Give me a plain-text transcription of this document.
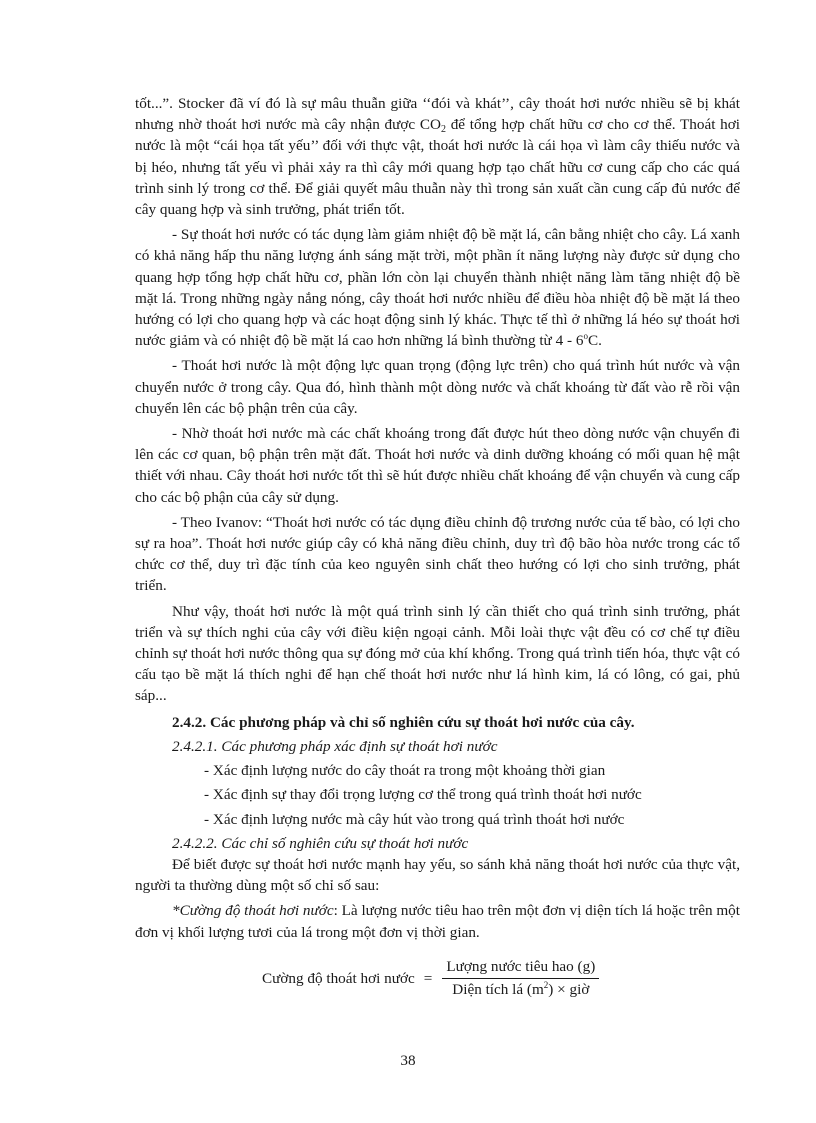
tốt...”. Stocker đã ví đó là sự mâu thuẫn giữa ‘‘đói và khát’’, cây thoát hơi nước nhiều sẽ bị khát nhưng nhờ thoát hơi nước mà cây nhận được $CO_2$ để tổng hợp chất hữu cơ cho cơ thể. Thoát hơi nước là một “cái họa tất yếu’’ đối với thực vật, thoát hơi nước là cái họa vì làm cây thiếu nước và bị héo, nhưng tất yếu vì phải xảy ra thì cây mới quang hợp tạo chất hữu cơ cung cấp cho các quá trình sinh lý trong cơ thể. Để giải quyết mâu thuẫn này thì trong sản xuất cần cung cấp đủ nước để cây quang hợp và sinh trưởng, phát triển tốt.

- Sự thoát hơi nước có tác dụng làm giảm nhiệt độ bề mặt lá, cân bằng nhiệt cho cây. Lá xanh có khả năng hấp thu năng lượng ánh sáng mặt trời, một phần ít năng lượng này được sử dụng cho quang hợp tổng hợp chất hữu cơ, phần lớn còn lại chuyển thành nhiệt năng làm tăng nhiệt độ bề mặt lá. Trong những ngày nắng nóng, cây thoát hơi nước nhiều để điều hòa nhiệt độ bề mặt lá theo hướng có lợi cho quang hợp và các hoạt động sinh lý khác. Thực tế thì ở những lá héo sự thoát hơi nước giảm và có nhiệt độ bề mặt lá cao hơn những lá bình thường từ 4 - 6$^o$C.

- Thoát hơi nước là một động lực quan trọng (động lực trên) cho quá trình hút nước và vận chuyển nước ở trong cây. Qua đó, hình thành một dòng nước và chất khoáng từ đất vào rễ rồi vận chuyển lên các bộ phận trên của cây.

- Nhờ thoát hơi nước mà các chất khoáng trong đất được hút theo dòng nước vận chuyển đi lên các cơ quan, bộ phận trên mặt đất. Thoát hơi nước và dinh dưỡng khoáng có mối quan hệ mật thiết với nhau. Cây thoát hơi nước tốt thì sẽ hút được nhiều chất khoáng để vận chuyển và cung cấp cho các bộ phận của cây sử dụng.

- Theo Ivanov: “Thoát hơi nước có tác dụng điều chỉnh độ trương nước của tế bào, có lợi cho sự ra hoa”. Thoát hơi nước giúp cây có khả năng điều chỉnh, duy trì độ bão hòa nước trong các tổ chức cơ thể, duy trì đặc tính của keo nguyên sinh chất theo hướng có lợi cho sinh trưởng, phát triển.

Như vậy, thoát hơi nước là một quá trình sinh lý cần thiết cho quá trình sinh trưởng, phát triển và sự thích nghi của cây với điều kiện ngoại cảnh. Mỗi loài thực vật đều có cơ chế tự điều chỉnh sự thoát hơi nước thông qua sự đóng mở của khí khổng. Trong quá trình tiến hóa, thực vật có cấu tạo bề mặt lá thích nghi để hạn chế thoát hơi nước như lá hình kim, lá có lông, có gai, phủ sáp...

2.4.2. Các phương pháp và chỉ số nghiên cứu sự thoát hơi nước của cây.

2.4.2.1. Các phương pháp xác định sự thoát hơi nước

- Xác định lượng nước do cây thoát ra trong một khoảng thời gian

- Xác định sự thay đổi trọng lượng cơ thể trong quá trình thoát hơi nước

- Xác định lượng nước mà cây hút vào trong quá trình thoát hơi nước

2.4.2.2. Các chỉ số nghiên cứu sự thoát hơi nước

Để biết được sự thoát hơi nước mạnh hay yếu, so sánh khả năng thoát hơi nước của thực vật, người ta thường dùng một số chỉ số sau:

*Cường độ thoát hơi nước: Là lượng nước tiêu hao trên một đơn vị diện tích lá hoặc trên một đơn vị khối lượng tươi của lá trong một đơn vị thời gian.

Cường độ thoát hơi nước = $\frac{\text{Lượng nước tiêu hao (g)}}{Diện tích lá (m^2) \times giờ}$
38
